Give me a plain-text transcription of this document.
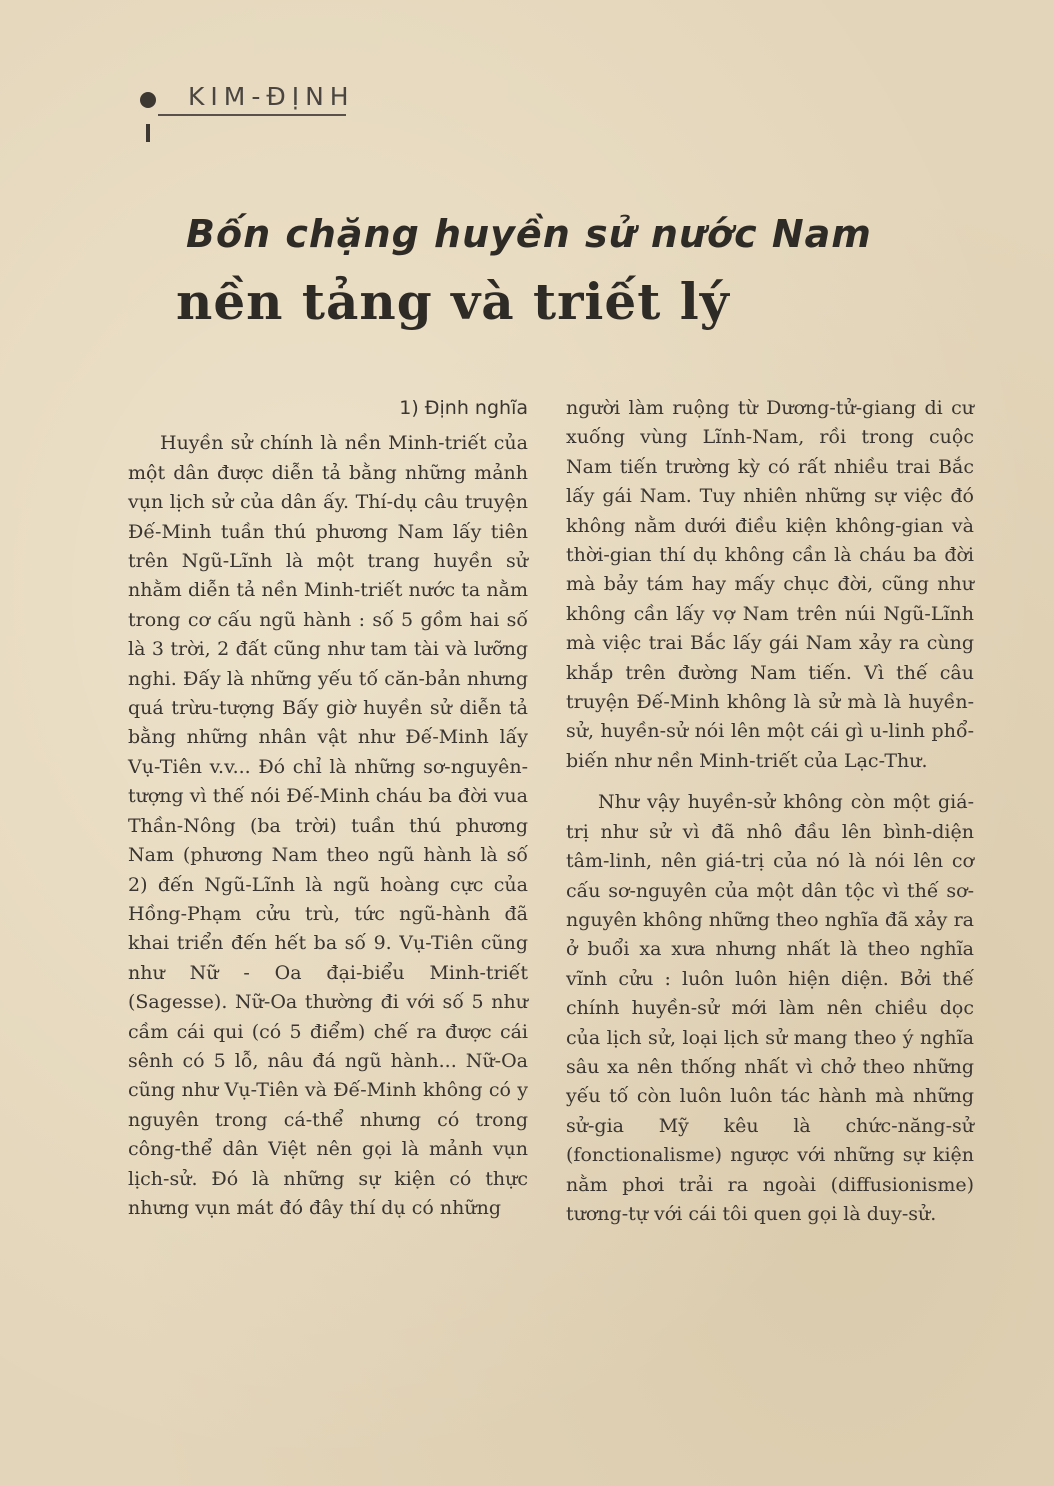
KIM-ĐỊNH
Bốn chặng huyền sử nước Nam
nền tảng và triết lý
1) Định nghĩa

Huyền sử chính là nền Minh-triết của một dân được diễn tả bằng những mảnh vụn lịch sử của dân ấy. Thí-dụ câu truyện Đế-Minh tuần thú phương Nam lấy tiên trên Ngũ-Lĩnh là một trang huyền sử nhằm diễn tả nền Minh-triết nước ta nằm trong cơ cấu ngũ hành : số 5 gồm hai số là 3 trời, 2 đất cũng như tam tài và lưỡng nghi. Đấy là những yếu tố căn-bản nhưng quá trừu-tượng Bấy giờ huyền sử diễn tả bằng những nhân vật như Đế-Minh lấy Vụ-Tiên v.v... Đó chỉ là những sơ-nguyên-tượng vì thế nói Đế-Minh cháu ba đời vua Thần-Nông (ba trời) tuần thú phương Nam (phương Nam theo ngũ hành là số 2) đến Ngũ-Lĩnh là ngũ hoàng cực của Hồng-Phạm cửu trù, tức ngũ-hành đã khai triển đến hết ba số 9. Vụ-Tiên cũng như Nữ - Oa đại-biểu Minh-triết (Sagesse). Nữ-Oa thường đi với số 5 như cầm cái qui (có 5 điểm) chế ra được cái sênh có 5 lỗ, nâu đá ngũ hành... Nữ-Oa cũng như Vụ-Tiên và Đế-Minh không có y nguyên trong cá-thể nhưng có trong công-thể dân Việt nên gọi là mảnh vụn lịch-sử. Đó là những sự kiện có thực nhưng vụn mát đó đây thí dụ có những

người làm ruộng từ Dương-tử-giang di cư xuống vùng Lĩnh-Nam, rồi trong cuộc Nam tiến trường kỳ có rất nhiều trai Bắc lấy gái Nam. Tuy nhiên những sự việc đó không nằm dưới điều kiện không-gian và thời-gian thí dụ không cần là cháu ba đời mà bảy tám hay mấy chục đời, cũng như không cần lấy vợ Nam trên núi Ngũ-Lĩnh mà việc trai Bắc lấy gái Nam xảy ra cùng khắp trên đường Nam tiến. Vì thế câu truyện Đế-Minh không là sử mà là huyền-sử, huyền-sử nói lên một cái gì u-linh phổ-biến như nền Minh-triết của Lạc-Thư.

Như vậy huyền-sử không còn một giá-trị như sử vì đã nhô đầu lên bình-diện tâm-linh, nên giá-trị của nó là nói lên cơ cấu sơ-nguyên của một dân tộc vì thế sơ-nguyên không những theo nghĩa đã xảy ra ở buổi xa xưa nhưng nhất là theo nghĩa vĩnh cửu : luôn luôn hiện diện. Bởi thế chính huyền-sử mới làm nên chiều dọc của lịch sử, loại lịch sử mang theo ý nghĩa sâu xa nên thống nhất vì chở theo những yếu tố còn luôn luôn tác hành mà những sử-gia Mỹ kêu là chức-năng-sử (fonctionalisme) ngược với những sự kiện nằm phơi trải ra ngoài (diffusionisme) tương-tự với cái tôi quen gọi là duy-sử.
